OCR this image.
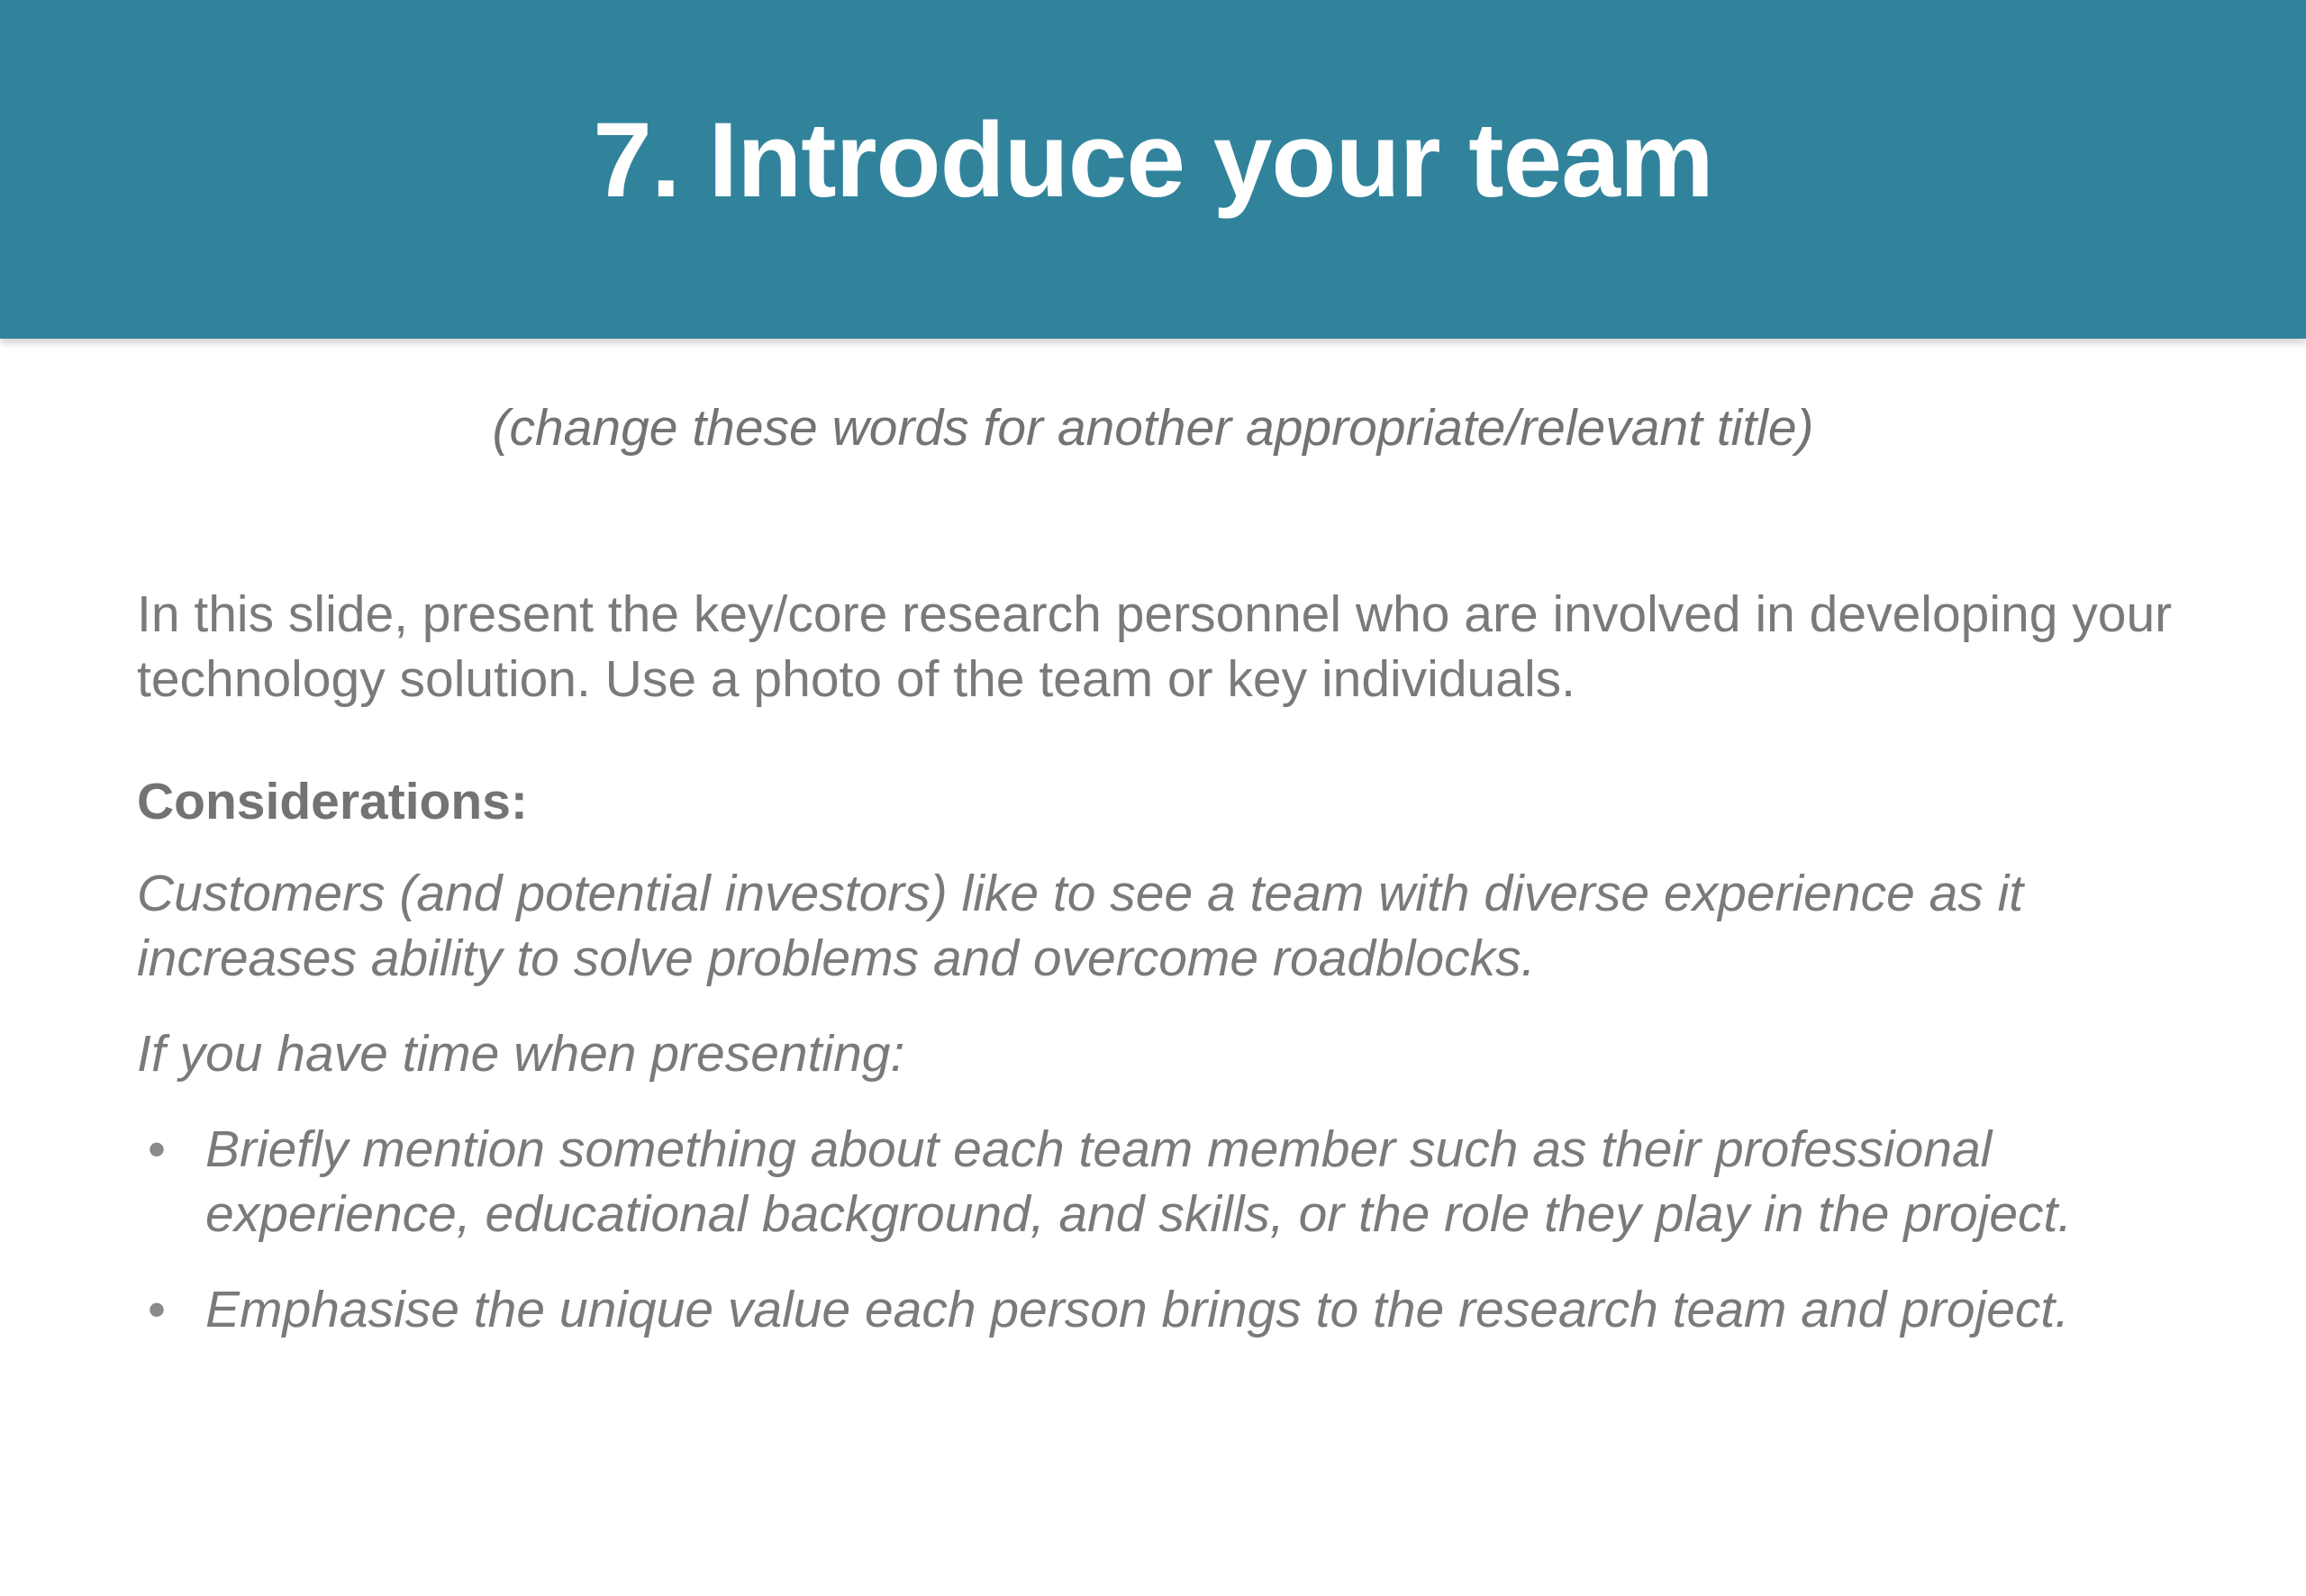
7. Introduce your team
(change these words for another appropriate/relevant title)

In this slide, present the key/core research personnel who are involved in developing your technology solution. Use a photo of the team or key individuals.

Considerations:

Customers (and potential investors) like to see a team with diverse experience as it increases ability to solve problems and overcome roadblocks.

If you have time when presenting:

• Briefly mention something about each team member such as their professional experience, educational background, and skills, or the role they play in the project.
• Emphasise the unique value each person brings to the research team and project.
